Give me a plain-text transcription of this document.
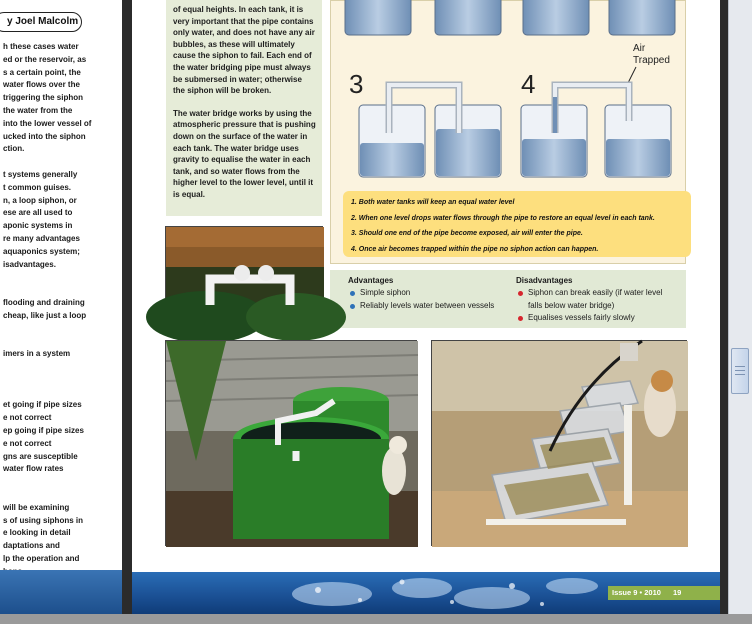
y Joel Malcolm
h these cases water
ed or the reservoir, as
s a certain point, the
water flows over the
triggering the siphon
the water from the
into the lower vessel of
ucked into the siphon
ction.
t systems generally
t common guises.
n, a loop siphon, or
ese are all used to
aponic systems in
re many advantages
aquaponics system;
isadvantages.
flooding and draining
cheap, like just a loop
imers in a system
et going if pipe sizes
e not correct
ep going if pipe sizes
e not correct
gns are susceptible
water flow rates
will be examining
s of using siphons in
e looking in detail
daptations and
lp the operation and

of equal heights. In each tank, it is very important that the pipe contains only water, and does not have any air bubbles, as these will ultimately cause the siphon to fail. Each end of the water bridging pipe must always be submersed in water; otherwise the siphon will be broken.

The water bridge works by using the atmospheric pressure that is pushing down on the surface of the water in each tank. The water bridge uses gravity to equalise the water in each tank, and so water flows from the higher level to the lower level, until it is equal.

3	4
Air
Trapped
1. Both water tanks will keep an equal water level
2. When one level drops water flows through the pipe to restore an equal level in each tank.
3. Should one end of the pipe become exposed, air will enter the pipe.
4. Once air becomes trapped within the pipe no siphon action can happen.
Advantages
Simple siphon
Reliably levels water between vessels
Disadvantages
Siphon can break easily (if water level
falls below water bridge)
Equalises vessels fairly slowly
Issue 9 • 2010 19
